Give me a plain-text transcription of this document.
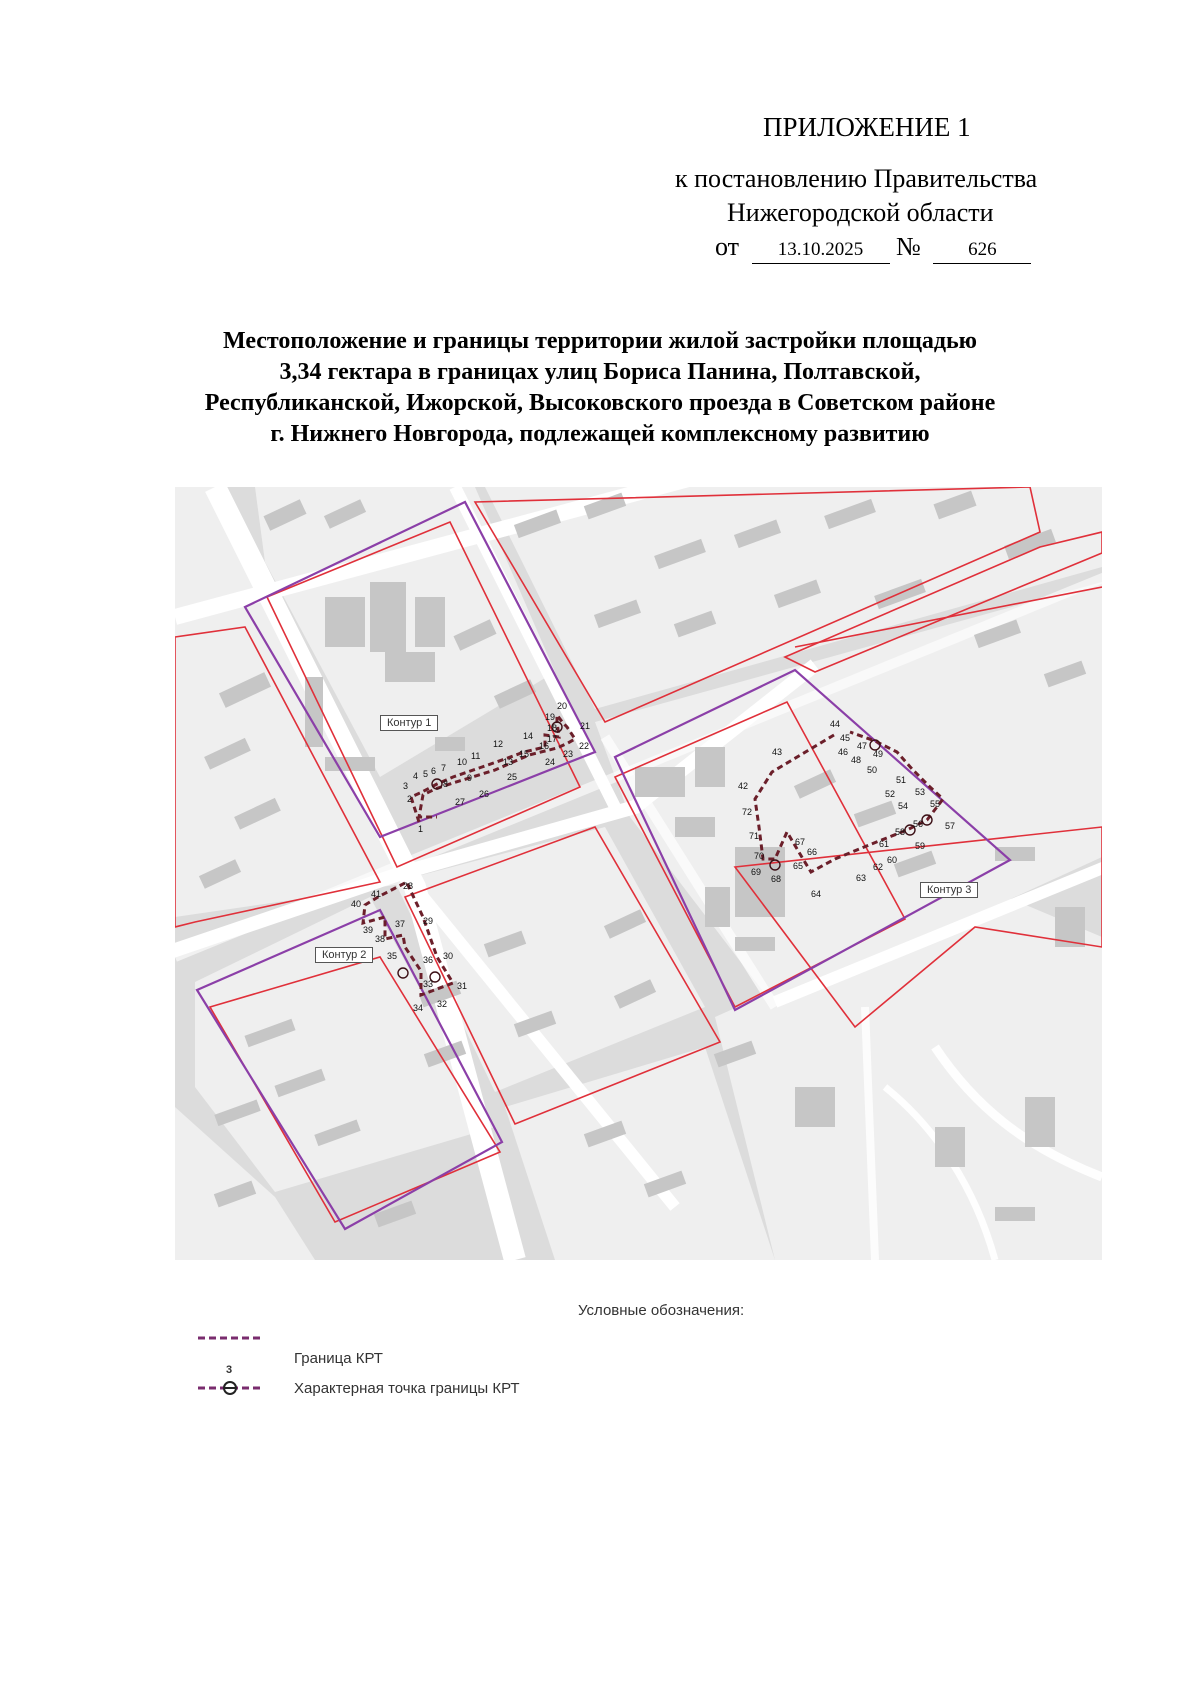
ПРИЛОЖЕНИЕ 1
к постановлению Правительства
Нижегородской области
от 13.10.2025 № 626
Местоположение и границы территории жилой застройки площадью
3,34 гектара в границах улиц Бориса Панина, Полтавской,
Республиканской, Ижорской, Высоковского проезда в Советском районе
г. Нижнего Новгорода, подлежащей комплексному развитию
1
2
3
4 5 6 7
8
9
10
11
12
13
14
15
16
17
18
19
20
21
22
23
24
25
26
27
28
29
30
31
32
33
34
35	36
37
38
39
40
41
42
43
44
45
46
47
48
49
50
51
52 53
54 55
56 57
58
59
60
61
62
63
64
65
66
67
68
69
70
71
72
Контур 1
Контур 2
Контур 3
Условные обозначения:
Граница КРТ
3
Характерная точка границы КРТ
